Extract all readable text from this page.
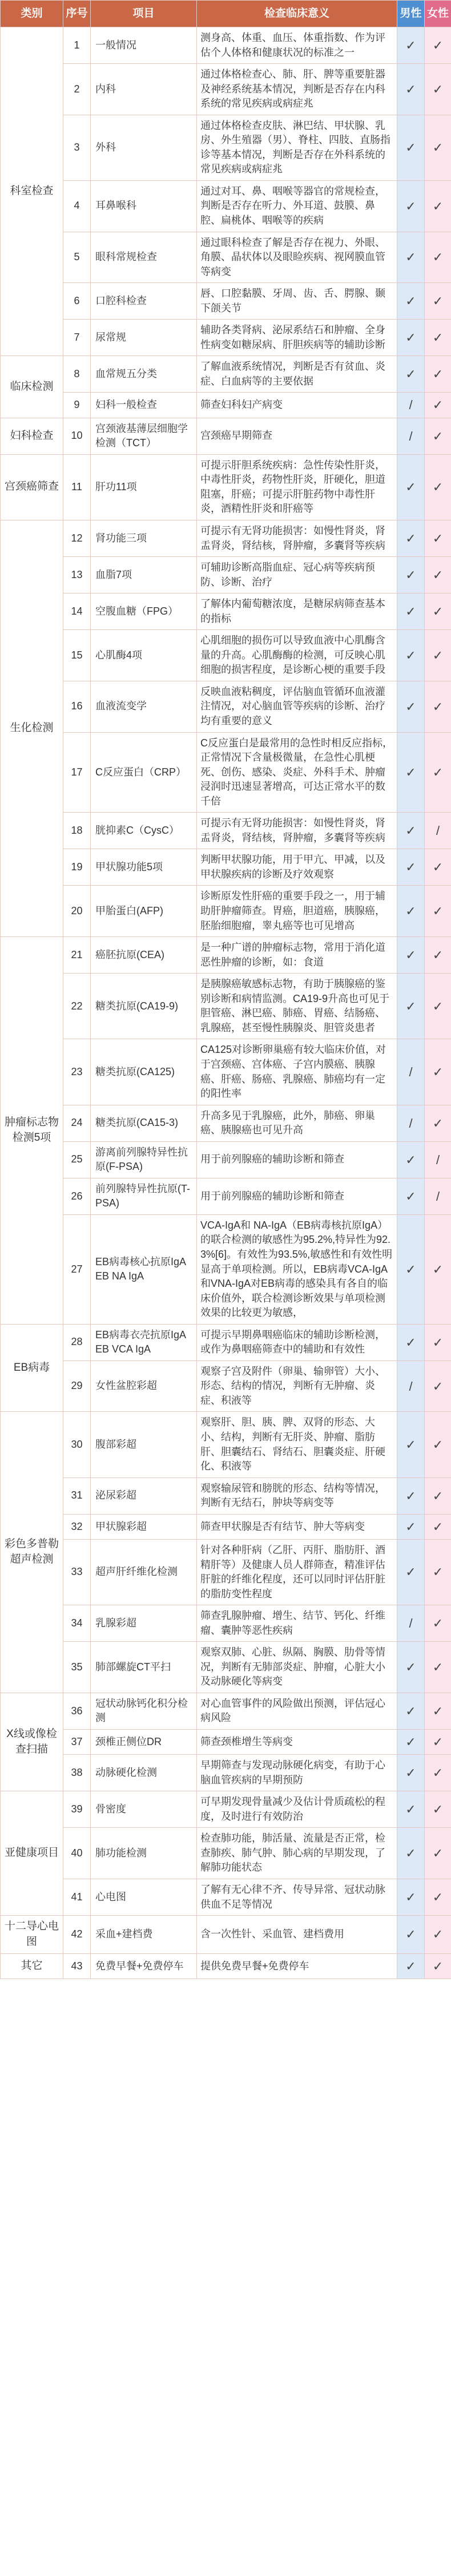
类别	序号	项目	检查临床意义	男性	女性
科室检查	1	一般情况	测身高、体重、血压、体重指数、作为评估个人体格和健康状况的标准之一	✓	✓
	2	内科	通过体格检查心、肺、肝、脾等重要脏器及神经系统基本情况，判断是否存在内科系统的常见疾病或病症兆	✓	✓
	3	外科	通过体格检查皮肤、淋巴结、甲状腺、乳房、外生殖器（男）、脊柱、四肢、直肠指诊等基本情况，判断是否存在外科系统的常见疾病或病症兆	✓	✓
	4	耳鼻喉科	通过对耳、鼻、咽喉等器官的常规检查，判断是否存在听力、外耳道、鼓膜、鼻腔、扁桃体、咽喉等的疾病	✓	✓
	5	眼科常规检查	通过眼科检查了解是否存在视力、外眼、角膜、晶状体以及眼睑疾病、视网膜血管等病变	✓	✓
	6	口腔科检查	唇、口腔黏膜、牙周、齿、舌、腭腺、颞下颌关节	✓	✓
	7	尿常规	辅助各类肾病、泌尿系结石和肿瘤、全身性病变如糖尿病、肝胆疾病等的辅助诊断	✓	✓
临床检测	8	血常规五分类	了解血液系统情况，判断是否有贫血、炎症、白血病等的主要依据	✓	✓
	9	妇科一般检查	筛查妇科妇产病变	/	✓
妇科检查	10	宫颈液基薄层细胞学检测（TCT）	宫颈癌早期筛查	/	✓
宫颈癌筛查	11	肝功11项	可提示肝胆系统疾病：急性传染性肝炎，中毒性肝炎，药物性肝炎，肝硬化，胆道阻塞，肝癌；可提示肝脏药物中毒性肝炎，酒精性肝炎和肝癌等	✓	✓
生化检测	12	肾功能三项	可提示有无肾功能损害：如慢性肾炎，肾盂肾炎，肾结核，肾肿瘤，多囊肾等疾病	✓	✓
	13	血脂7项	可辅助诊断高脂血症、冠心病等疾病预防、诊断、治疗	✓	✓
	14	空腹血糖（FPG）	了解体内葡萄糖浓度，是糖尿病筛查基本的指标	✓	✓
	15	心肌酶4项	心肌细胞的损伤可以导致血液中心肌酶含量的升高。心肌酶酶的检测，可反映心肌细胞的损害程度，是诊断心梗的重要手段	✓	✓
	16	血液流变学	反映血液粘稠度，评估脑血管循环血液灌注情况，对心脑血管等疾病的诊断、治疗均有重要的意义	✓	✓
	17	C反应蛋白（CRP）	C反应蛋白是最常用的急性时相反应指标，正常情况下含量极微量，在急性心肌梗死、创伤、感染、炎症、外科手术、肿瘤浸润时迅速显著增高，可达正常水平的数千倍	✓	✓
	18	胱抑素C（CysC）	可提示有无肾功能损害：如慢性肾炎，肾盂肾炎，肾结核，肾肿瘤，多囊肾等疾病	✓	/
	19	甲状腺功能5项	判断甲状腺功能，用于甲亢、甲减，以及甲状腺疾病的诊断及疗效观察	✓	✓
	20	甲胎蛋白(AFP)	诊断原发性肝癌的重要手段之一，用于辅助肝肿瘤筛查。胃癌，胆道癌，胰腺癌，胚胎细胞瘤，睾丸癌等也可见增高	✓	✓
肿瘤标志物检测5项	21	癌胚抗原(CEA)	是一种广谱的肿瘤标志物，常用于消化道恶性肿瘤的诊断，如：食道	✓	✓
	22	糖类抗原(CA19-9)	是胰腺癌敏感标志物，有助于胰腺癌的鉴别诊断和病情监测。CA19-9升高也可见于胆管癌、淋巴癌、肺癌、胃癌、结肠癌、乳腺癌，甚至慢性胰腺炎、胆管炎患者	✓	✓
	23	糖类抗原(CA125)	CA125对诊断卵巢癌有较大临床价值，对于宫颈癌、宫体癌、子宫内膜癌、胰腺癌、肝癌、肠癌、乳腺癌、肺癌均有一定的阳性率	/	✓
	24	糖类抗原(CA15-3)	升高多见于乳腺癌，此外，肺癌、卵巢癌、胰腺癌也可见升高	/	✓
	25	游离前列腺特异性抗原(F-PSA)	用于前列腺癌的辅助诊断和筛查	✓	/
	26	前列腺特异性抗原(T-PSA)	用于前列腺癌的辅助诊断和筛查	✓	/
	27	EB病毒核心抗原IgA EB NA IgA	VCA-IgA和 NA-IgA（EB病毒核抗原IgA）的联合检测的敏感性为95.2%,特异性为92.3%[6]。有效性为93.5%,敏感性和有效性明显高于单项检测。所以，EB病毒VCA-IgA和VNA-IgA对EB病毒的感染具有各自的临床价值外，联合检测诊断效果与单项检测效果的比较更为敏感，	✓	✓
EB病毒	28	EB病毒衣壳抗原IgA EB VCA IgA	可提示早期鼻咽癌临床的辅助诊断检测，或作为鼻咽癌筛查中的辅助和有效性	✓	✓
	29	女性盆腔彩超	观察子宫及附件（卵巢、输卵管）大小、形态、结构的情况，判断有无肿瘤、炎症、积液等	/	✓
彩色多普勒超声检测	30	腹部彩超	观察肝、胆、胰、脾、双肾的形态、大小、结构，判断有无肝炎、肿瘤、脂肪肝、胆囊结石、肾结石、胆囊炎症、肝硬化、积液等	✓	✓
	31	泌尿彩超	观察输尿管和膀胱的形态、结构等情况，判断有无结石，肿块等病变等	✓	✓
	32	甲状腺彩超	筛查甲状腺是否有结节、肿大等病变	✓	✓
	33	超声肝纤维化检测	针对各种肝病（乙肝、丙肝、脂肪肝、酒精肝等）及健康人员人群筛查，精准评估肝脏的纤维化程度，还可以同时评估肝脏的脂肪变性程度	✓	✓
	34	乳腺彩超	筛查乳腺肿瘤、增生、结节、钙化、纤维瘤、囊肿等恶性疾病	/	✓
	35	肺部螺旋CT平扫	观察双肺、心脏、纵隔、胸膜、肋骨等情况，判断有无肺部炎症、肿瘤，心脏大小及动脉硬化等病变	✓	✓
X线或像检查扫描	36	冠状动脉钙化积分检测	对心血管事件的风险做出预测，评估冠心病风险	✓	✓
	37	颈椎正侧位DR	筛查颈椎增生等病变	✓	✓
	38	动脉硬化检测	早期筛查与发现动脉硬化病变，有助于心脑血管疾病的早期预防	✓	✓
亚健康项目	39	骨密度	可早期发现骨量减少及估计骨质疏松的程度，及时进行有效防治	✓	✓
	40	肺功能检测	检查肺功能，肺活量、流量是否正常，检查肺疾、肺气肿、肺心病的早期发现，了解肺功能状态	✓	✓
	41	心电图	了解有无心律不齐、传导异常、冠状动脉供血不足等情况	✓	✓
十二导心电图	42	采血+建档费	含一次性针、采血管、建档费用	✓	✓
其它	43	免费早餐+免费停车	提供免费早餐+免费停车	✓	✓
